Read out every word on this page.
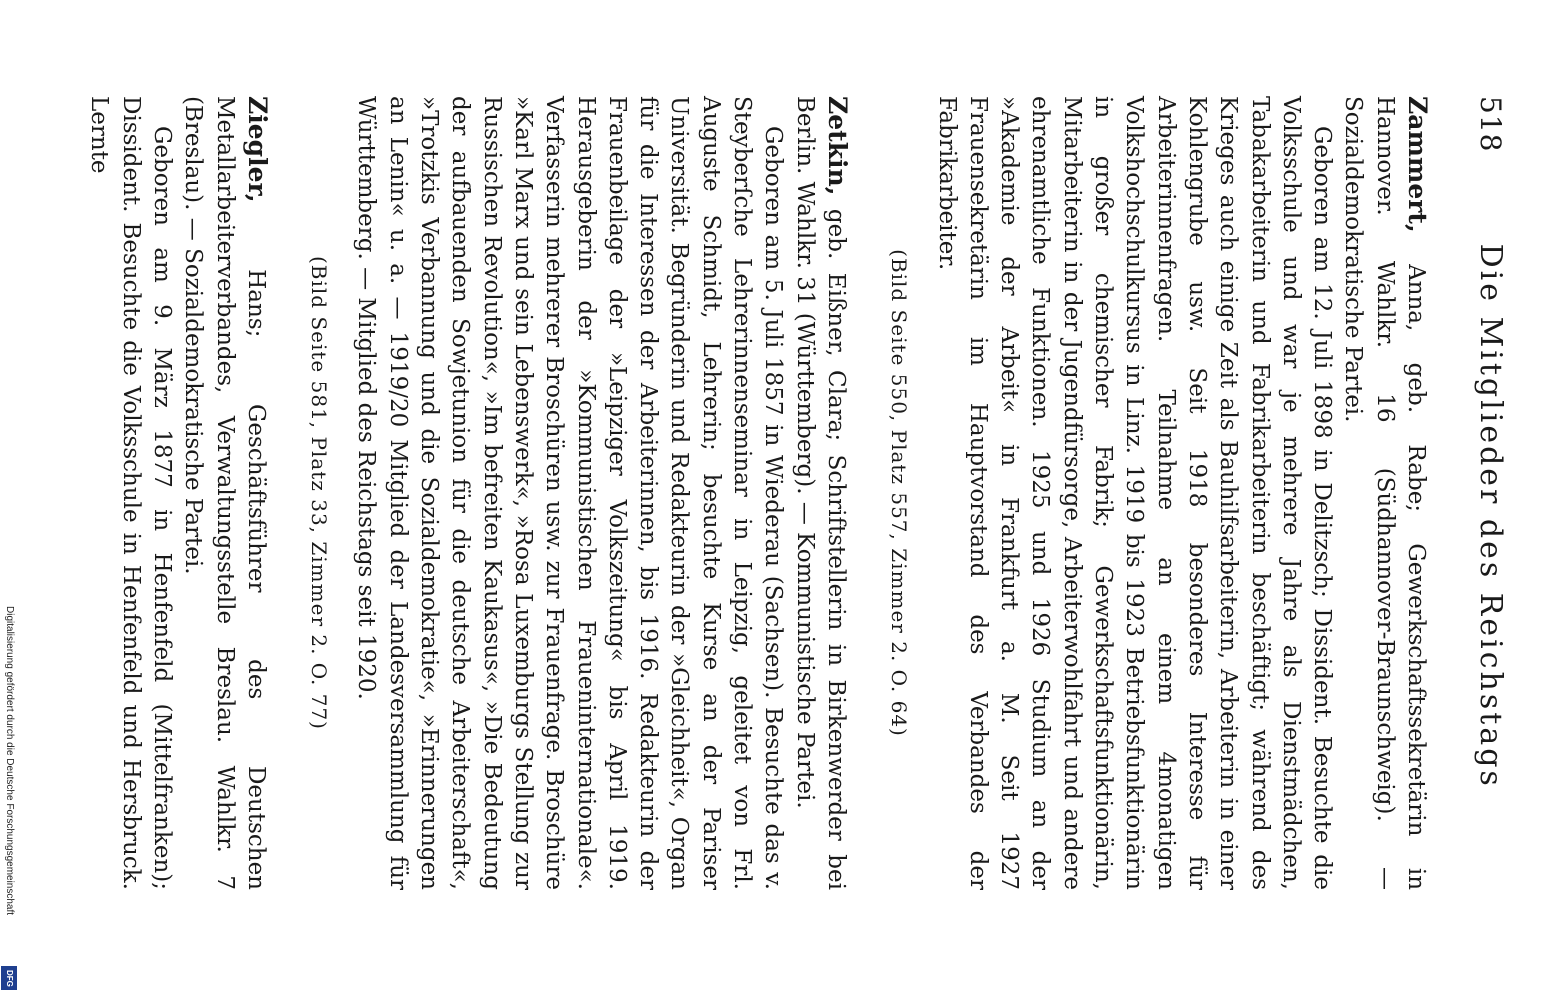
Digitalisierung gefördert durch die Deutsche Forschungsgemeinschaft
DFG
518
Die Mitglieder des Reichstags

Zammert, Anna, geb. Rabe; Gewerkschaftssekretärin in Hannover. Wahlkr. 16 (Südhannover-Braunschweig). — Sozialdemokratische Partei.

Geboren am 12. Juli 1898 in Delitzsch; Dissident. Besuchte die Volksschule und war je mehrere Jahre als Dienstmädchen, Tabakarbeiterin und Fabrikarbeiterin beschäftigt; während des Krieges auch einige Zeit als Bauhilfsarbeiterin, Arbeiterin in einer Kohlengrube usw. Seit 1918 besonderes Interesse für Arbeiterinnenfragen. Teilnahme an einem 4monatigen Volkshochschulkursus in Linz. 1919 bis 1923 Betriebsfunktionärin in großer chemischer Fabrik; Gewerkschaftsfunktionärin, Mitarbeiterin in der Jugendfürsorge, Arbeiterwohlfahrt und andere ehrenamtliche Funktionen. 1925 und 1926 Studium an der »Akademie der Arbeit« in Frankfurt a. M. Seit 1927 Frauensekretärin im Hauptvorstand des Verbandes der Fabrikarbeiter.

(Bild Seite 550, Platz 557, Zimmer 2. O. 64)

Zetkin, geb. Eißner, Clara; Schriftstellerin in Birkenwerder bei Berlin. Wahlkr. 31 (Württemberg). — Kommunistische Partei.

Geboren am 5. Juli 1857 in Wiederau (Sachsen). Besuchte das v. Steyberſche Lehrerinnenseminar in Leipzig, geleitet von Frl. Auguste Schmidt, Lehrerin; besuchte Kurse an der Pariser Universität. Begründerin und Redakteurin der »Gleichheit«, Organ für die Interessen der Arbeiterinnen, bis 1916. Redakteurin der Frauenbeilage der »Leipziger Volkszeitung« bis April 1919. Herausgeberin der »Kommunistischen Fraueninternationale«. Verfasserin mehrerer Broschüren usw. zur Frauenfrage. Broschüre »Karl Marx und sein Lebenswerk«, »Rosa Luxemburgs Stellung zur Russischen Revolution«, »Im befreiten Kaukasus«, »Die Bedeutung der aufbauenden Sowjetunion für die deutsche Arbeiterschaft«, »Trotzkis Verbannung und die Sozialdemokratie«, »Erinnerungen an Lenin« u. a. — 1919/20 Mitglied der Landesversammlung für Württemberg. — Mitglied des Reichstags seit 1920.

(Bild Seite 581, Platz 33, Zimmer 2. O. 77)

Ziegler, Hans; Geschäftsführer des Deutschen Metallarbeiterverbandes, Verwaltungsstelle Breslau. Wahlkr. 7 (Breslau). — Sozialdemokratische Partei.

Geboren am 9. März 1877 in Henfenfeld (Mittelfranken); Dissident. Besuchte die Volksschule in Henfenfeld und Hersbruck. Lernte
